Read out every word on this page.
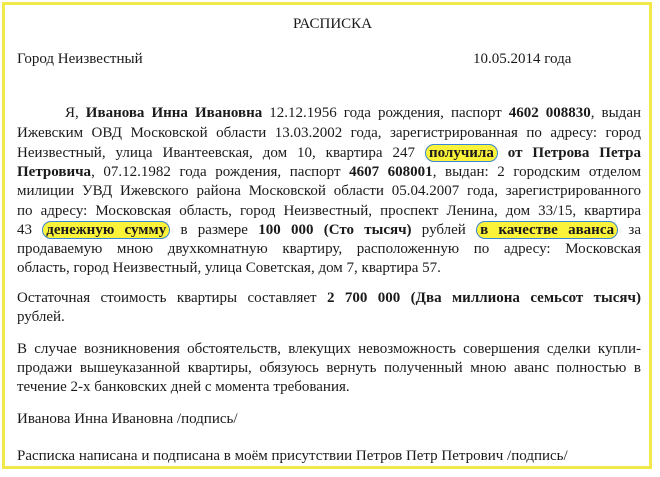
РАСПИСКА
Город Неизвестный	10.05.2014 года
Я, Иванова Инна Ивановна 12.12.1956 года рождения, паспорт 4602 008830, выдан
Ижевским ОВД Московской области 13.03.2002 года, зарегистрированная по адресу: город
Неизвестный, улица Ивантеевская, дом 10, квартира 247 получила от Петрова Петра
Петровича, 07.12.1982 года рождения, паспорт 4607 608001, выдан: 2 городским отделом
милиции УВД Ижевского района Московской области 05.04.2007 года, зарегистрированного
по адресу: Московская область, город Неизвестный, проспект Ленина, дом 33/15, квартира
43 денежную сумму в размере 100 000 (Сто тысяч) рублей в качестве аванса за
продаваемую мною двухкомнатную квартиру, расположенную по адресу: Московская
область, город Неизвестный, улица Советская, дом 7, квартира 57.
Остаточная стоимость квартиры составляет 2 700 000 (Два миллиона семьсот тысяч)
рублей.
В случае возникновения обстоятельств, влекущих невозможность совершения сделки купли-
продажи вышеуказанной квартиры, обязуюсь вернуть полученный мною аванс полностью в
течение 2-х банковских дней с момента требования.
Иванова Инна Ивановна /подпись/
Расписка написана и подписана в моём присутствии Петров Петр Петрович /подпись/
